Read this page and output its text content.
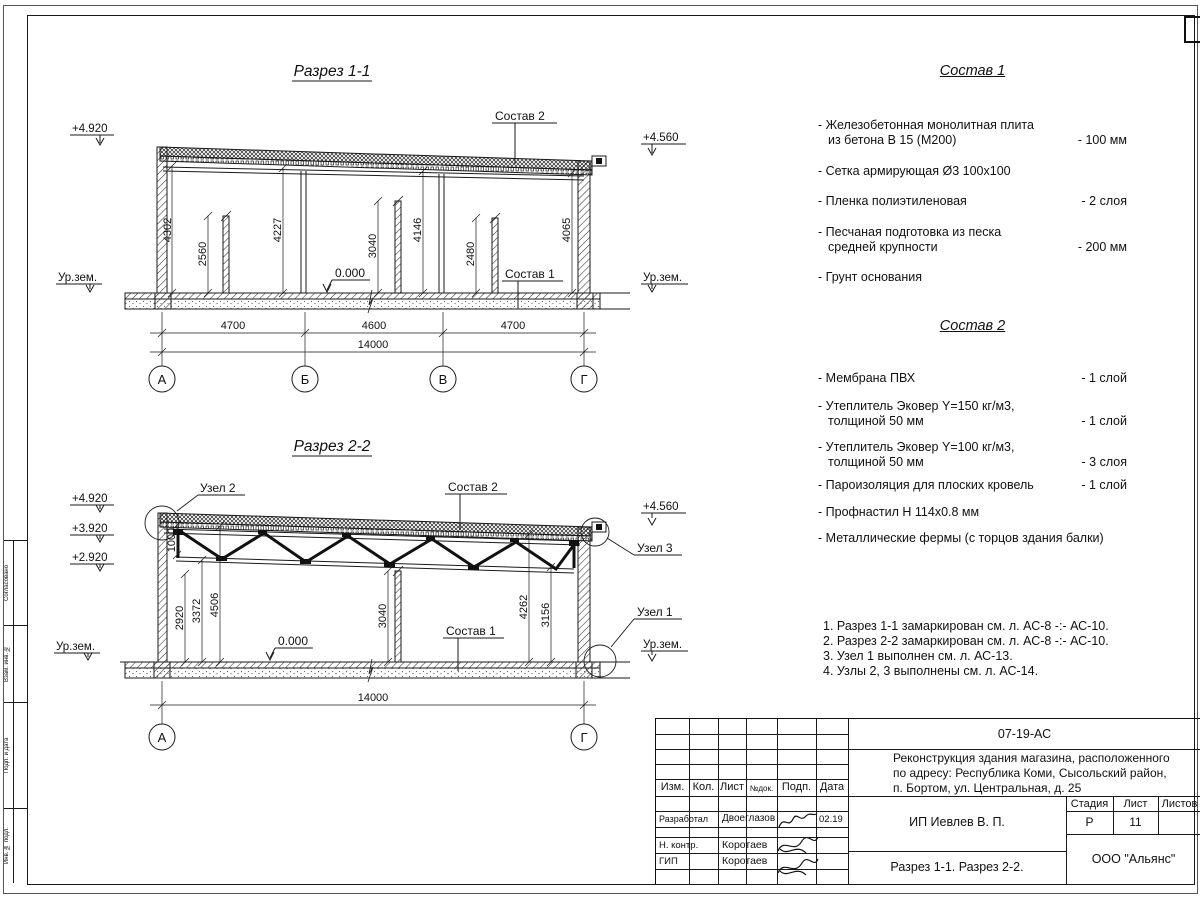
Согласовано
Взам. инв. №
Подп. и дата
Инв. № подл.
Разрез 1-1
4302
2560
4227
3040
4146
2480
4065
+4.920
Ур.зем.
+4.560
Ур.зем.
0.000
Состав 2
Состав 1
4700	4600	4700
14000
А	Б	В	Г
Разрез 2-2
Узел 2
Узел 3
Узел 1
1000
2920 3372 4506	3040	4262 3156
+4.920
+3.920
+2.920
Ур.зем.
+4.560
Ур.зем.
0.000
Состав 2
Состав 1
14000
А	Г
Состав 1
- Железобетонная монолитная плита
из бетона В 15 (М200)	- 100 мм
- Сетка армирующая Ø3 100х100
- Пленка полиэтиленовая	- 2 слоя
- Песчаная подготовка из песка
средней крупности	- 200 мм
- Грунт основания
Состав 2
- Мембрана ПВХ	- 1 слой
- Утеплитель Эковер Y=150 кг/м3,
толщиной 50 мм	- 1 слой
- Утеплитель Эковер Y=100 кг/м3,
толщиной 50 мм	- 3 слоя
- Пароизоляция для плоских кровель	- 1 слой
- Профнастил Н 114х0.8 мм
- Металлические фермы (с торцов здания балки)
1. Разрез 1-1 замаркирован см. л. АС-8 -:- АС-10.
2. Разрез 2-2 замаркирован см. л. АС-8 -:- АС-10.
3. Узел 1 выполнен см. л. АС-13.
4. Узлы 2, 3 выполнены см. л. АС-14.
Изм. Кол. Лист №док. Подп. Дата
Разработал Двоеглазов	02.19
Н. контр. Коротаев
ГИП	Коротаев
07-19-АС
Реконструкция здания магазина, расположенного
по адресу: Республика Коми, Сысольский район,
п. Бортом, ул. Центральная, д. 25
ИП Иевлев В. П.
Стадия	Лист	Листов
Р	11
Разрез 1-1. Разрез 2-2.
ООО "Альянс"
